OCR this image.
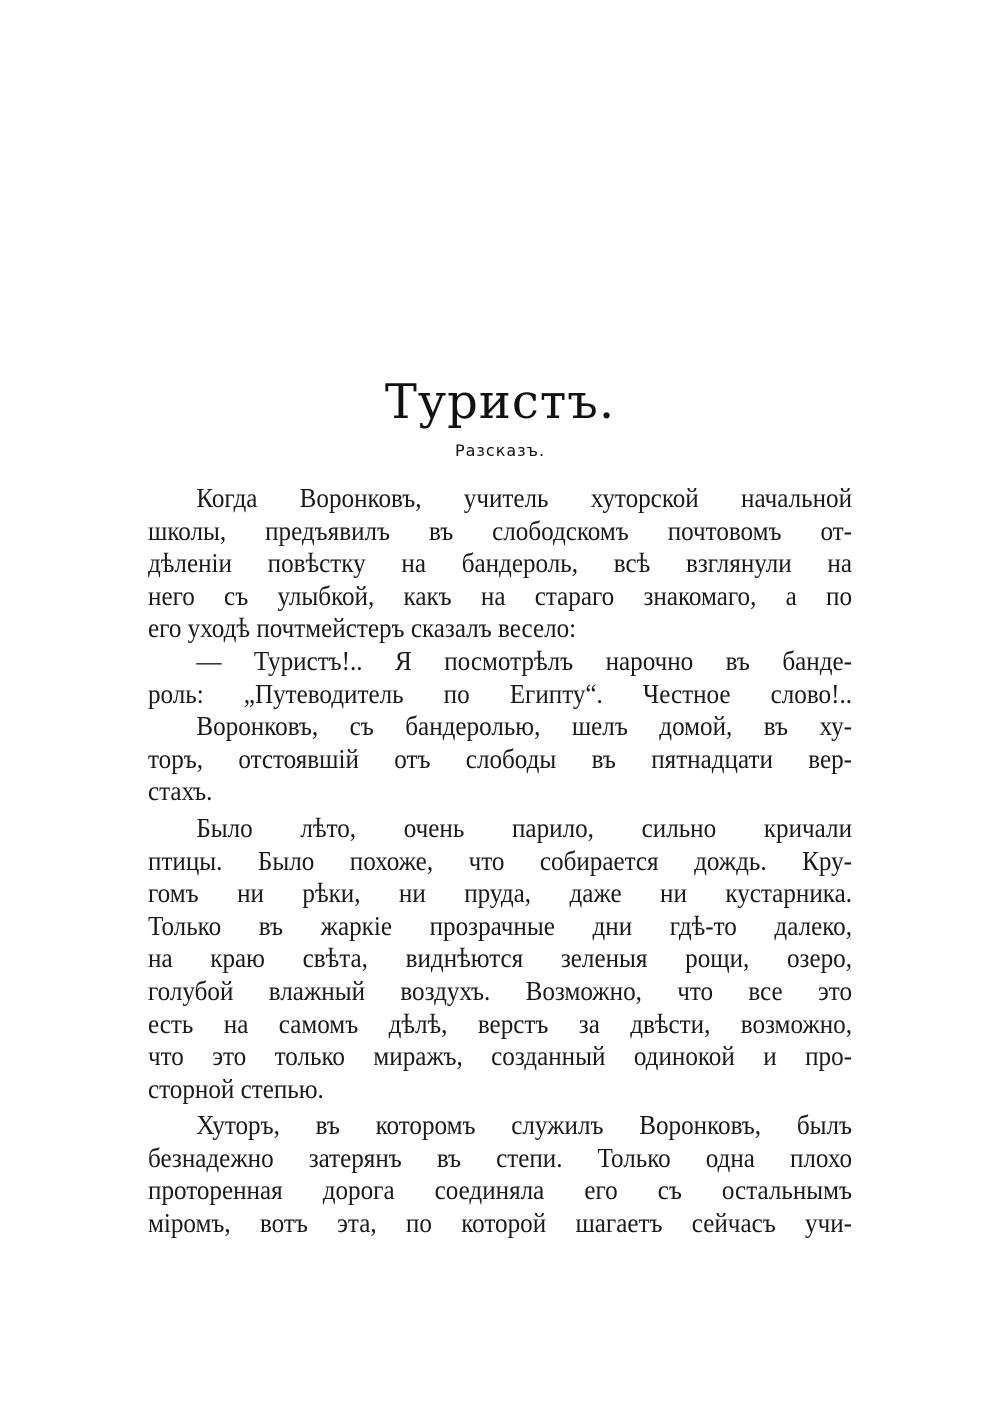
Туристъ.
Разсказъ.
Когда Воронковъ, учитель хуторской начальной
школы, предъявилъ въ слободскомъ почтовомъ от-
дѣленіи повѣстку на бандероль, всѣ взглянули на
него съ улыбкой, какъ на стараго знакомаго, а по
его уходѣ почтмейстеръ сказалъ весело:
— Туристъ!.. Я посмотрѣлъ нарочно въ банде-
роль: „Путеводитель по Египту“. Честное слово!..
Воронковъ, съ бандеролью, шелъ домой, въ ху-
торъ, отстоявшій отъ слободы въ пятнадцати вер-
стахъ.
Было лѣто, очень парило, сильно кричали
птицы. Было похоже, что собирается дождь. Кру-
гомъ ни рѣки, ни пруда, даже ни кустарника.
Только въ жаркіе прозрачные дни гдѣ-то далеко,
на краю свѣта, виднѣются зеленыя рощи, озеро,
голубой влажный воздухъ. Возможно, что все это
есть на самомъ дѣлѣ, верстъ за двѣсти, возможно,
что это только миражъ, созданный одинокой и про-
сторной степью.
Хуторъ, въ которомъ служилъ Воронковъ, былъ
безнадежно затерянъ въ степи. Только одна плохо
проторенная дорога соединяла его съ остальнымъ
міромъ, вотъ эта, по которой шагаетъ сейчасъ учи-
